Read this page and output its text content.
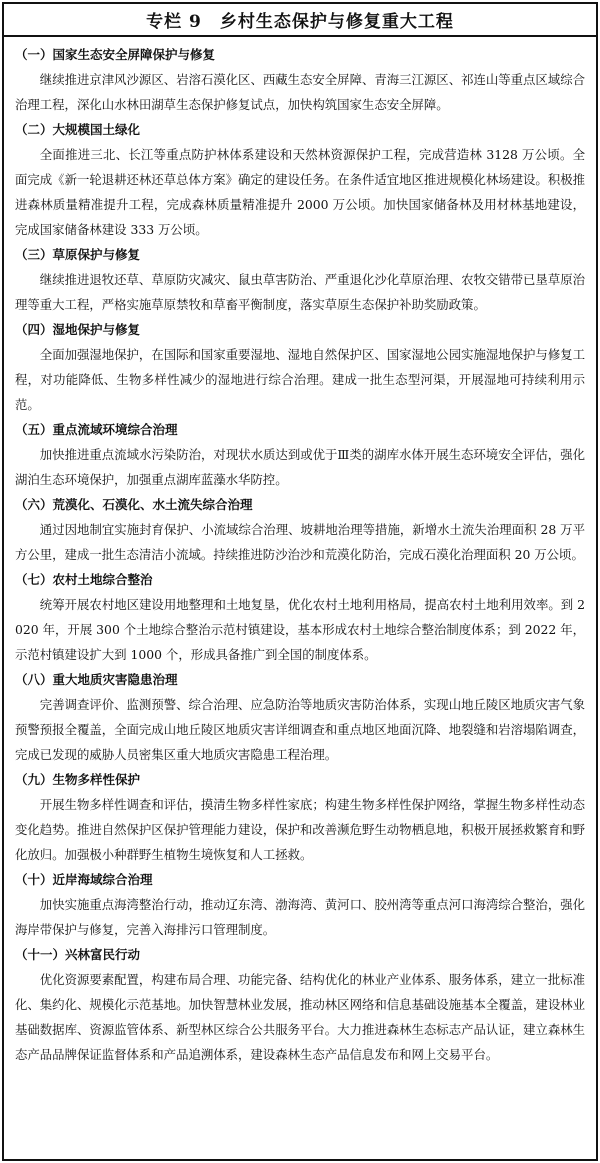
专栏 9　乡村生态保护与修复重大工程
（一）国家生态安全屏障保护与修复

继续推进京津风沙源区、岩溶石漠化区、西藏生态安全屏障、青海三江源区、祁连山等重点区域综合治理工程，深化山水林田湖草生态保护修复试点，加快构筑国家生态安全屏障。

（二）大规模国土绿化

全面推进三北、长江等重点防护林体系建设和天然林资源保护工程，完成营造林 3128 万公顷。全面完成《新一轮退耕还林还草总体方案》确定的建设任务。在条件适宜地区推进规模化林场建设。积极推进森林质量精准提升工程，完成森林质量精准提升 2000 万公顷。加快国家储备林及用材林基地建设，完成国家储备林建设 333 万公顷。

（三）草原保护与修复

继续推进退牧还草、草原防灾减灾、鼠虫草害防治、严重退化沙化草原治理、农牧交错带已垦草原治理等重大工程，严格实施草原禁牧和草畜平衡制度，落实草原生态保护补助奖励政策。

（四）湿地保护与修复

全面加强湿地保护，在国际和国家重要湿地、湿地自然保护区、国家湿地公园实施湿地保护与修复工程，对功能降低、生物多样性减少的湿地进行综合治理。建成一批生态型河渠，开展湿地可持续利用示范。

（五）重点流域环境综合治理

加快推进重点流域水污染防治，对现状水质达到或优于Ⅲ类的湖库水体开展生态环境安全评估，强化湖泊生态环境保护，加强重点湖库蓝藻水华防控。

（六）荒漠化、石漠化、水土流失综合治理

通过因地制宜实施封育保护、小流域综合治理、坡耕地治理等措施，新增水土流失治理面积 28 万平方公里，建成一批生态清洁小流域。持续推进防沙治沙和荒漠化防治，完成石漠化治理面积 20 万公顷。

（七）农村土地综合整治

统筹开展农村地区建设用地整理和土地复垦，优化农村土地利用格局，提高农村土地利用效率。到 2020 年，开展 300 个土地综合整治示范村镇建设，基本形成农村土地综合整治制度体系；到 2022 年，示范村镇建设扩大到 1000 个，形成具备推广到全国的制度体系。

（八）重大地质灾害隐患治理

完善调查评价、监测预警、综合治理、应急防治等地质灾害防治体系，实现山地丘陵区地质灾害气象预警预报全覆盖，全面完成山地丘陵区地质灾害详细调查和重点地区地面沉降、地裂缝和岩溶塌陷调查，完成已发现的威胁人员密集区重大地质灾害隐患工程治理。

（九）生物多样性保护

开展生物多样性调查和评估，摸清生物多样性家底；构建生物多样性保护网络，掌握生物多样性动态变化趋势。推进自然保护区保护管理能力建设，保护和改善濒危野生动物栖息地，积极开展拯救繁育和野化放归。加强极小种群野生植物生境恢复和人工拯救。

（十）近岸海域综合治理

加快实施重点海湾整治行动，推动辽东湾、渤海湾、黄河口、胶州湾等重点河口海湾综合整治，强化海岸带保护与修复，完善入海排污口管理制度。

（十一）兴林富民行动

优化资源要素配置，构建布局合理、功能完备、结构优化的林业产业体系、服务体系，建立一批标准化、集约化、规模化示范基地。加快智慧林业发展，推动林区网络和信息基础设施基本全覆盖，建设林业基础数据库、资源监管体系、新型林区综合公共服务平台。大力推进森林生态标志产品认证，建立森林生态产品品牌保证监督体系和产品追溯体系，建设森林生态产品信息发布和网上交易平台。
